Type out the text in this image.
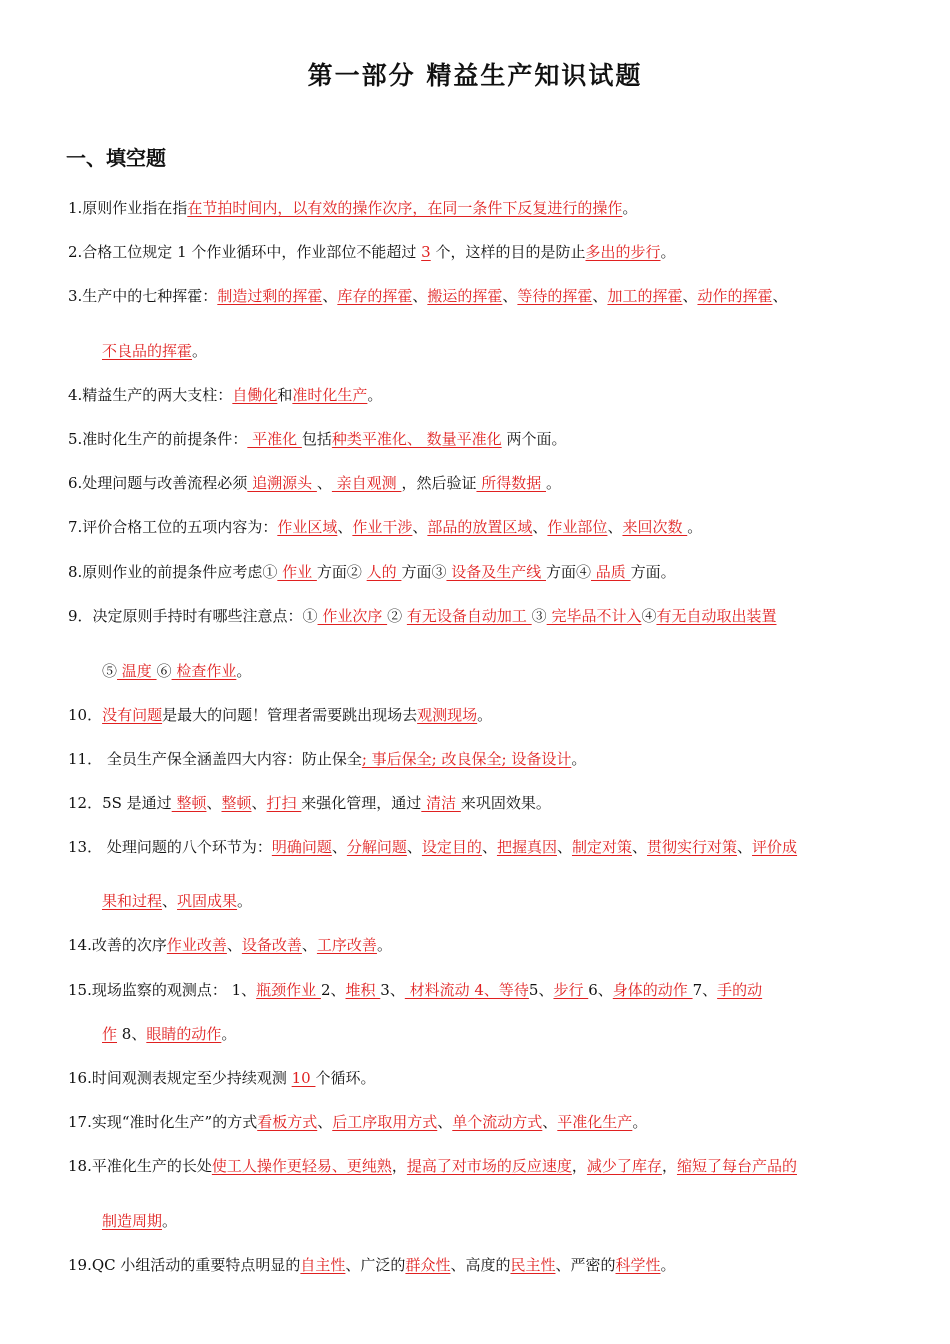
第一部分 精益生产知识试题
一、填空题
1.原则作业指在指在节拍时间内，以有效的操作次序，在同一条件下反复进行的操作。
2.合格工位规定 1 个作业循环中，作业部位不能超过 3 个，这样的目的是防止多出的步行。
3.生产中的七种挥霍：制造过剩的挥霍、库存的挥霍、搬运的挥霍、等待的挥霍、加工的挥霍、动作的挥霍、
不良品的挥霍。
4.精益生产的两大支柱：自働化和准时化生产。
5.准时化生产的前提条件： 平准化 包括种类平准化、 数量平准化 两个面。
6.处理问题与改善流程必须 追溯源头 、 亲自观测 ，然后验证 所得数据 。
7.评价合格工位的五项内容为：作业区域、作业干涉、部品的放置区域、作业部位、来回次数 。
8.原则作业的前提条件应考虑① 作业 方面② 人的 方面③ 设备及生产线 方面④ 品质 方面。
9．决定原则手持时有哪些注意点：① 作业次序 ② 有无设备自动加工 ③ 完毕品不计入④有无自动取出装置
⑤ 温度 ⑥ 检查作业。
10．没有问题是最大的问题！管理者需要跳出现场去观测现场。
11． 全员生产保全涵盖四大内容：防止保全; 事后保全; 改良保全; 设备设计。
12．5S 是通过 整顿、整顿、打扫 来强化管理，通过 清洁 来巩固效果。
13． 处理问题的八个环节为：明确问题、分解问题、设定目的、把握真因、制定对策、贯彻实行对策、评价成
果和过程、巩固成果。
14.改善的次序作业改善、设备改善、工序改善。
15.现场监察的观测点： 1、瓶颈作业 2、堆积 3、 材料流动 4、等待5、步行 6、身体的动作 7、手的动
作 8、眼睛的动作。
16.时间观测表规定至少持续观测 10 个循环。
17.实现“准时化生产”的方式看板方式、后工序取用方式、单个流动方式、平准化生产。
18.平准化生产的长处使工人操作更轻易、更纯熟，提高了对市场的反应速度，减少了库存，缩短了每台产品的
制造周期。
19.QC 小组活动的重要特点明显的自主性、广泛的群众性、高度的民主性、严密的科学性。
